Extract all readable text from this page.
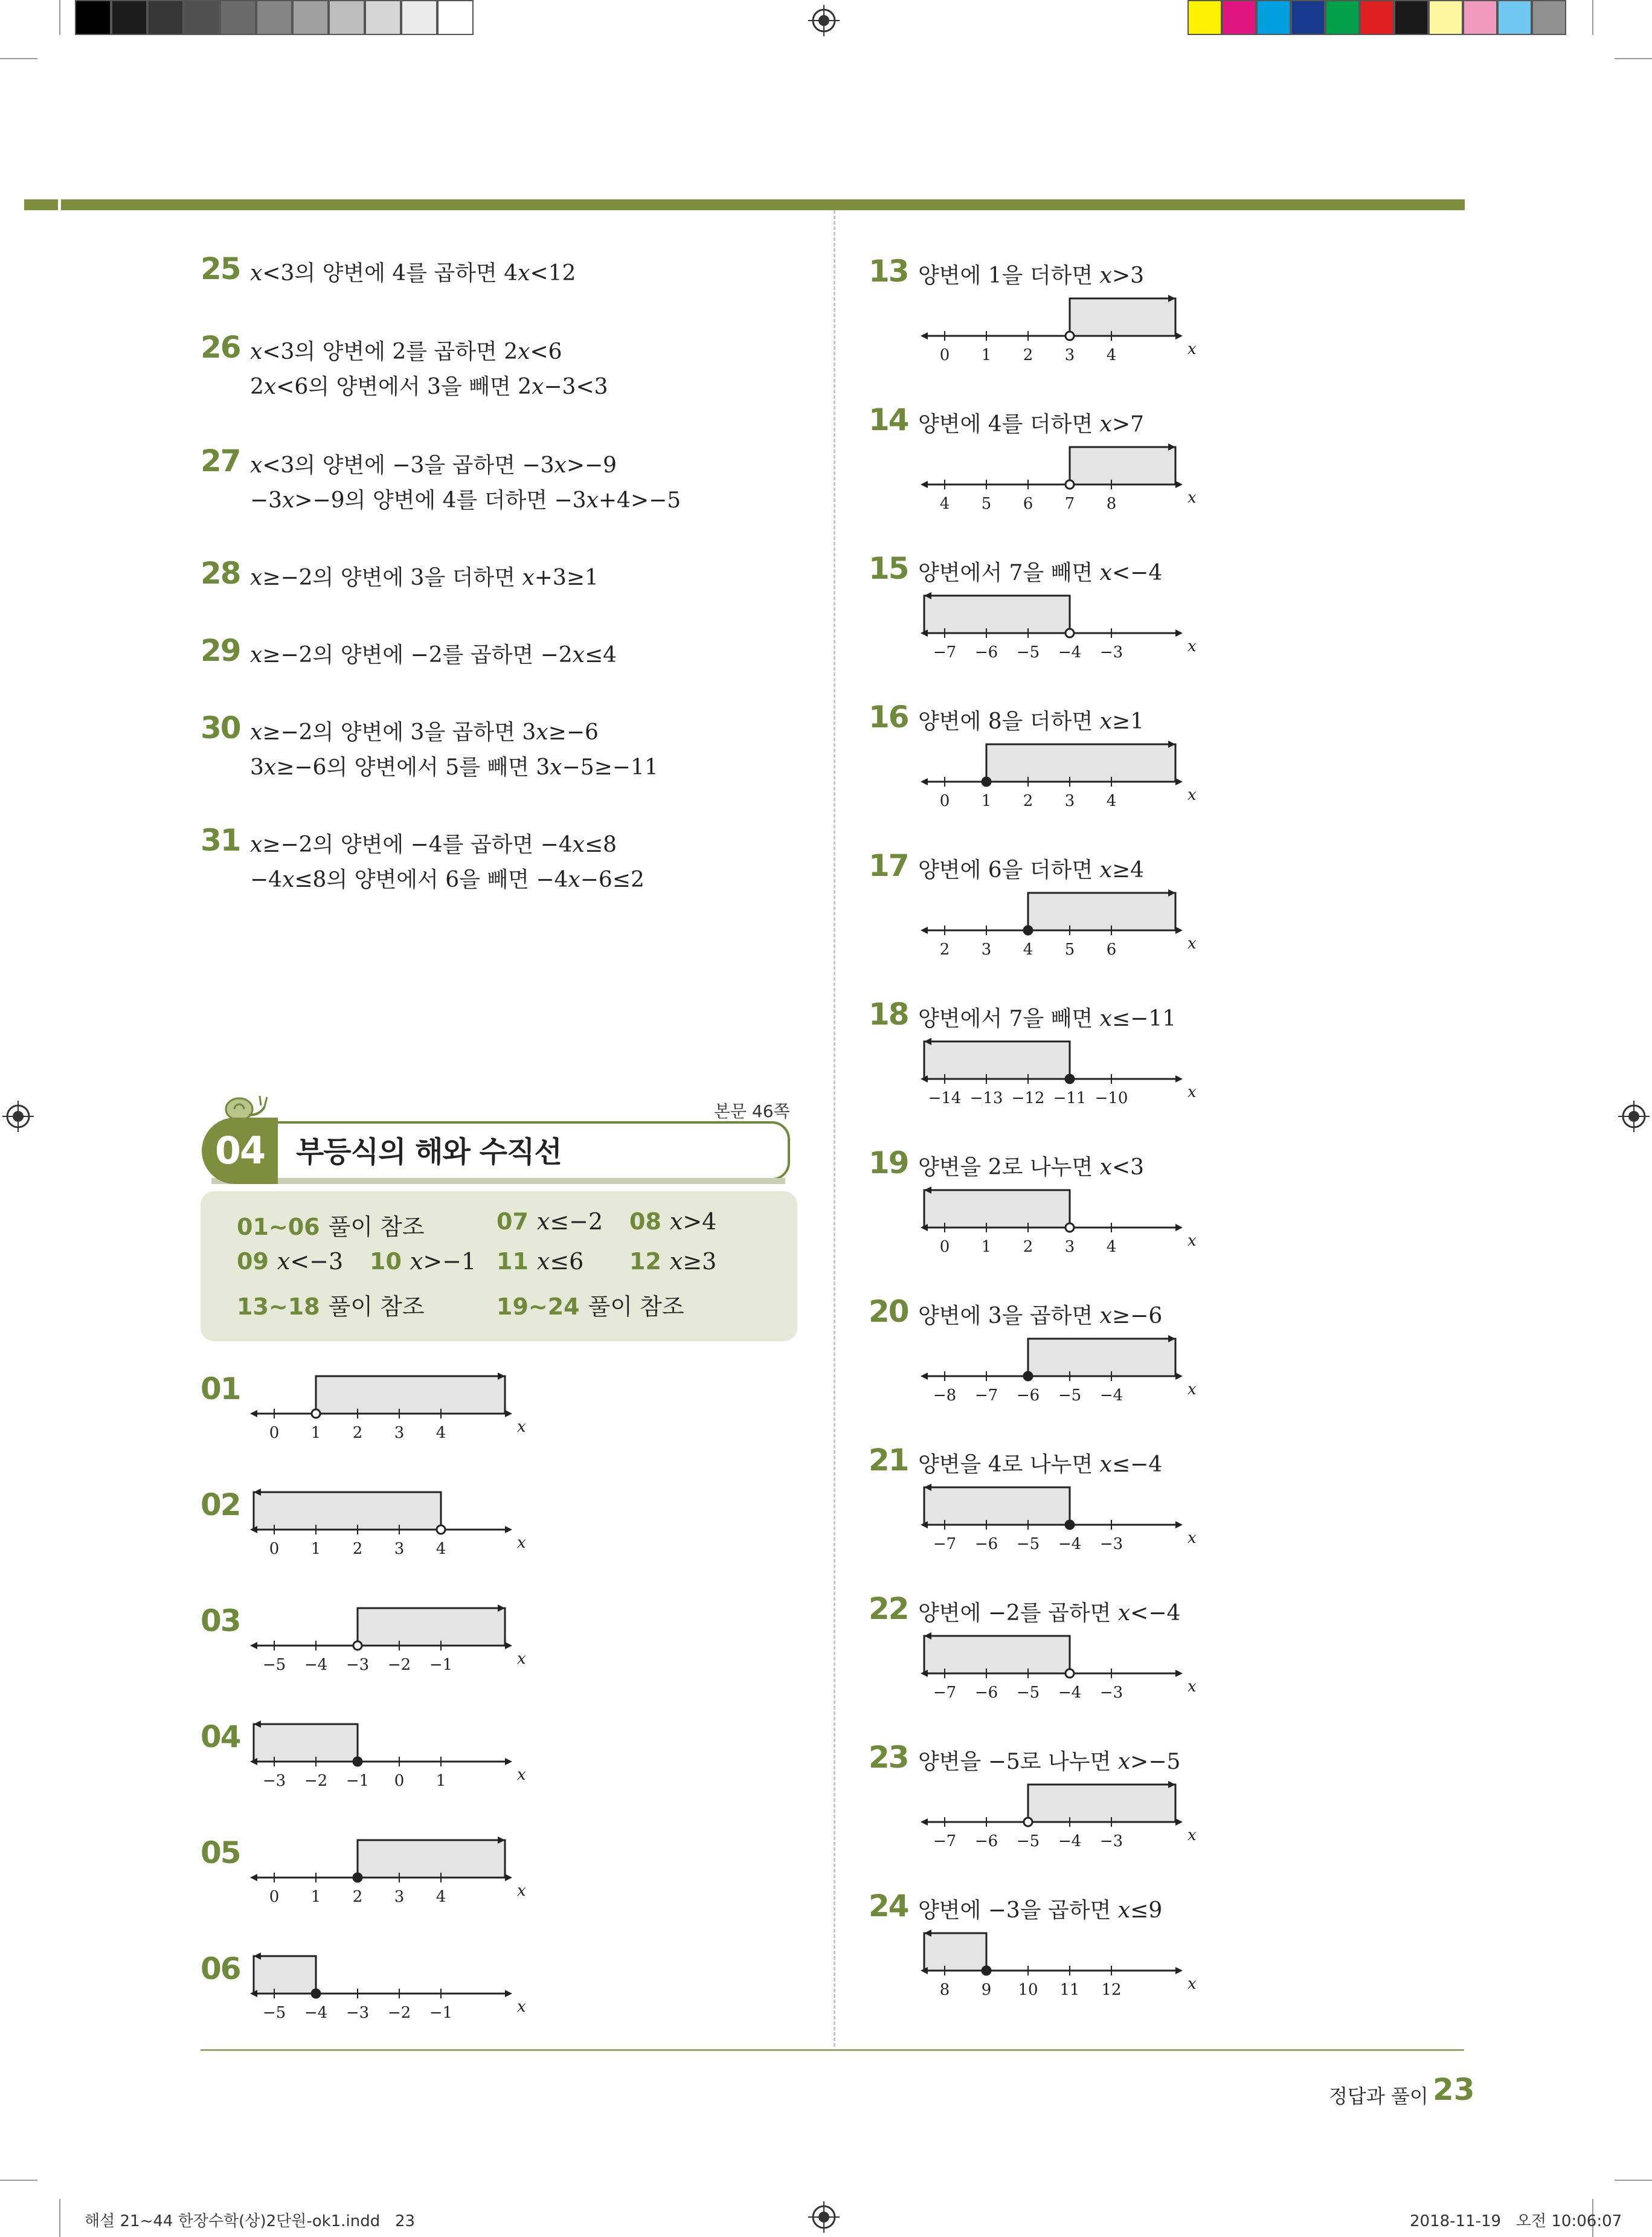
25 x<3의 양변에 4를 곱하면 4x<12
26 x<3의 양변에 2를 곱하면 2x<6
2x<6의 양변에서 3을 빼면 2x−3<3
27 x<3의 양변에 −3을 곱하면 −3x>−9
−3x>−9의 양변에 4를 더하면 −3x+4>−5
28 x≥−2의 양변에 3을 더하면 x+3≥1
29 x≥−2의 양변에 −2를 곱하면 −2x≤4
30 x≥−2의 양변에 3을 곱하면 3x≥−6
3x≥−6의 양변에서 5를 빼면 3x−5≥−11
31 x≥−2의 양변에 −4를 곱하면 −4x≤8
−4x≤8의 양변에서 6을 빼면 −4x−6≤2
본문 46쪽
04	부등식의 해와 수직선
01~06 풀이 참조	07 x≤−2 08 x>4
09 x<−3 10 x>−1 11 x≤6 12 x≥3
13~18 풀이 참조	19~24 풀이 참조
01
0 1 2 3 4	x
02
0 1 2 3 4	x
03
−5 −4 −3 −2 −1	x
04
−3 −2 −1 0 1	x
05
0 1 2 3 4	x
06
−5 −4 −3 −2 −1	x
13 양변에 1을 더하면 x>3
0 1 2 3 4	x
14 양변에 4를 더하면 x>7
4 5 6 7 8	x
15 양변에서 7을 빼면 x<−4
−7 −6 −5 −4 −3	x
16 양변에 8을 더하면 x≥1
0 1 2 3 4	x
17 양변에 6을 더하면 x≥4
2 3 4 5 6	x
18 양변에서 7을 빼면 x≤−11
−14 −13 −12 −11 −10	x
19 양변을 2로 나누면 x<3
0 1 2 3 4	x
20 양변에 3을 곱하면 x≥−6
−8 −7 −6 −5 −4	x
21 양변을 4로 나누면 x≤−4
−7 −6 −5 −4 −3	x
22 양변에 −2를 곱하면 x<−4
−7 −6 −5 −4 −3	x
23 양변을 −5로 나누면 x>−5
−7 −6 −5 −4 −3	x
24 양변에 −3을 곱하면 x≤9
8 9 10 11 12	x
정답과 풀이 23
해설 21~44 한장수학(상)2단원-ok1.indd   23	2018-11-19   오전 10:06:07
